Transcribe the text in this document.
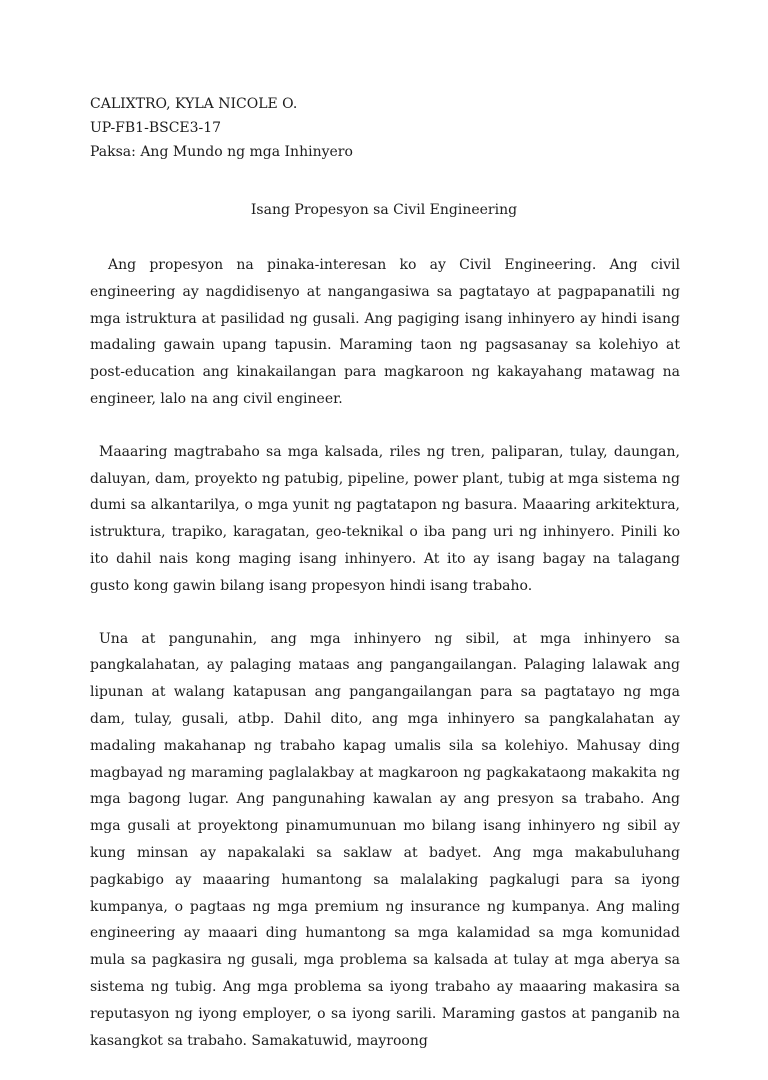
CALIXTRO, KYLA NICOLE O.
UP-FB1-BSCE3-17
Paksa: Ang Mundo ng mga Inhinyero
Isang Propesyon sa Civil Engineering

Ang propesyon na pinaka-interesan ko ay Civil Engineering. Ang civil engineering ay nagdidisenyo at nangangasiwa sa pagtatayo at pagpapanatili ng mga istruktura at pasilidad ng gusali. Ang pagiging isang inhinyero ay hindi isang madaling gawain upang tapusin. Maraming taon ng pagsasanay sa kolehiyo at post-education ang kinakailangan para magkaroon ng kakayahang matawag na engineer, lalo na ang civil engineer.

Maaaring magtrabaho sa mga kalsada, riles ng tren, paliparan, tulay, daungan, daluyan, dam, proyekto ng patubig, pipeline, power plant, tubig at mga sistema ng dumi sa alkantarilya, o mga yunit ng pagtatapon ng basura. Maaaring arkitektura, istruktura, trapiko, karagatan, geo-teknikal o iba pang uri ng inhinyero. Pinili ko ito dahil nais kong maging isang inhinyero. At ito ay isang bagay na talagang gusto kong gawin bilang isang propesyon hindi isang trabaho.

Una at pangunahin, ang mga inhinyero ng sibil, at mga inhinyero sa pangkalahatan, ay palaging mataas ang pangangailangan. Palaging lalawak ang lipunan at walang katapusan ang pangangailangan para sa pagtatayo ng mga dam, tulay, gusali, atbp. Dahil dito, ang mga inhinyero sa pangkalahatan ay madaling makahanap ng trabaho kapag umalis sila sa kolehiyo. Mahusay ding magbayad ng maraming paglalakbay at magkaroon ng pagkakataong makakita ng mga bagong lugar. Ang pangunahing kawalan ay ang presyon sa trabaho. Ang mga gusali at proyektong pinamumunuan mo bilang isang inhinyero ng sibil ay kung minsan ay napakalaki sa saklaw at badyet. Ang mga makabuluhang pagkabigo ay maaaring humantong sa malalaking pagkalugi para sa iyong kumpanya, o pagtaas ng mga premium ng insurance ng kumpanya. Ang maling engineering ay maaari ding humantong sa mga kalamidad sa mga komunidad mula sa pagkasira ng gusali, mga problema sa kalsada at tulay at mga aberya sa sistema ng tubig. Ang mga problema sa iyong trabaho ay maaaring makasira sa reputasyon ng iyong employer, o sa iyong sarili. Maraming gastos at panganib na kasangkot sa trabaho. Samakatuwid, mayroong
